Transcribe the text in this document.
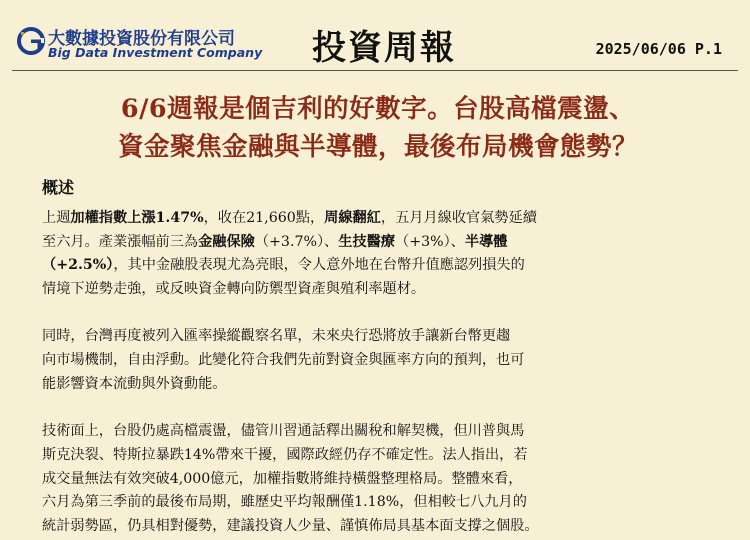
大數據投資股份有限公司
Big Data Investment Company 投資周報	2025/06/06 P.1
6/6週報是個吉利的好數字。台股高檔震盪、
資金聚焦金融與半導體，最後布局機會態勢？
概述
上週加權指數上漲1.47%，收在21,660點，周線翻紅，五月月線收官氣勢延續
至六月。產業漲幅前三為金融保險（+3.7%）、生技醫療（+3%）、半導體
（+2.5%），其中金融股表現尤為亮眼，令人意外地在台幣升值應認列損失的
情境下逆勢走強，或反映資金轉向防禦型資產與殖利率題材。
同時，台灣再度被列入匯率操縱觀察名單，未來央行恐將放手讓新台幣更趨
向市場機制，自由浮動。此變化符合我們先前對資金與匯率方向的預判，也可
能影響資本流動與外資動能。
技術面上，台股仍處高檔震盪，儘管川習通話釋出關稅和解契機，但川普與馬
斯克決裂、特斯拉暴跌14%帶來干擾，國際政經仍存不確定性。法人指出，若
成交量無法有效突破4,000億元，加權指數將維持橫盤整理格局。整體來看，
六月為第三季前的最後布局期，雖歷史平均報酬僅1.18%，但相較七八九月的
統計弱勢區，仍具相對優勢，建議投資人少量、謹慎佈局具基本面支撐之個股。
